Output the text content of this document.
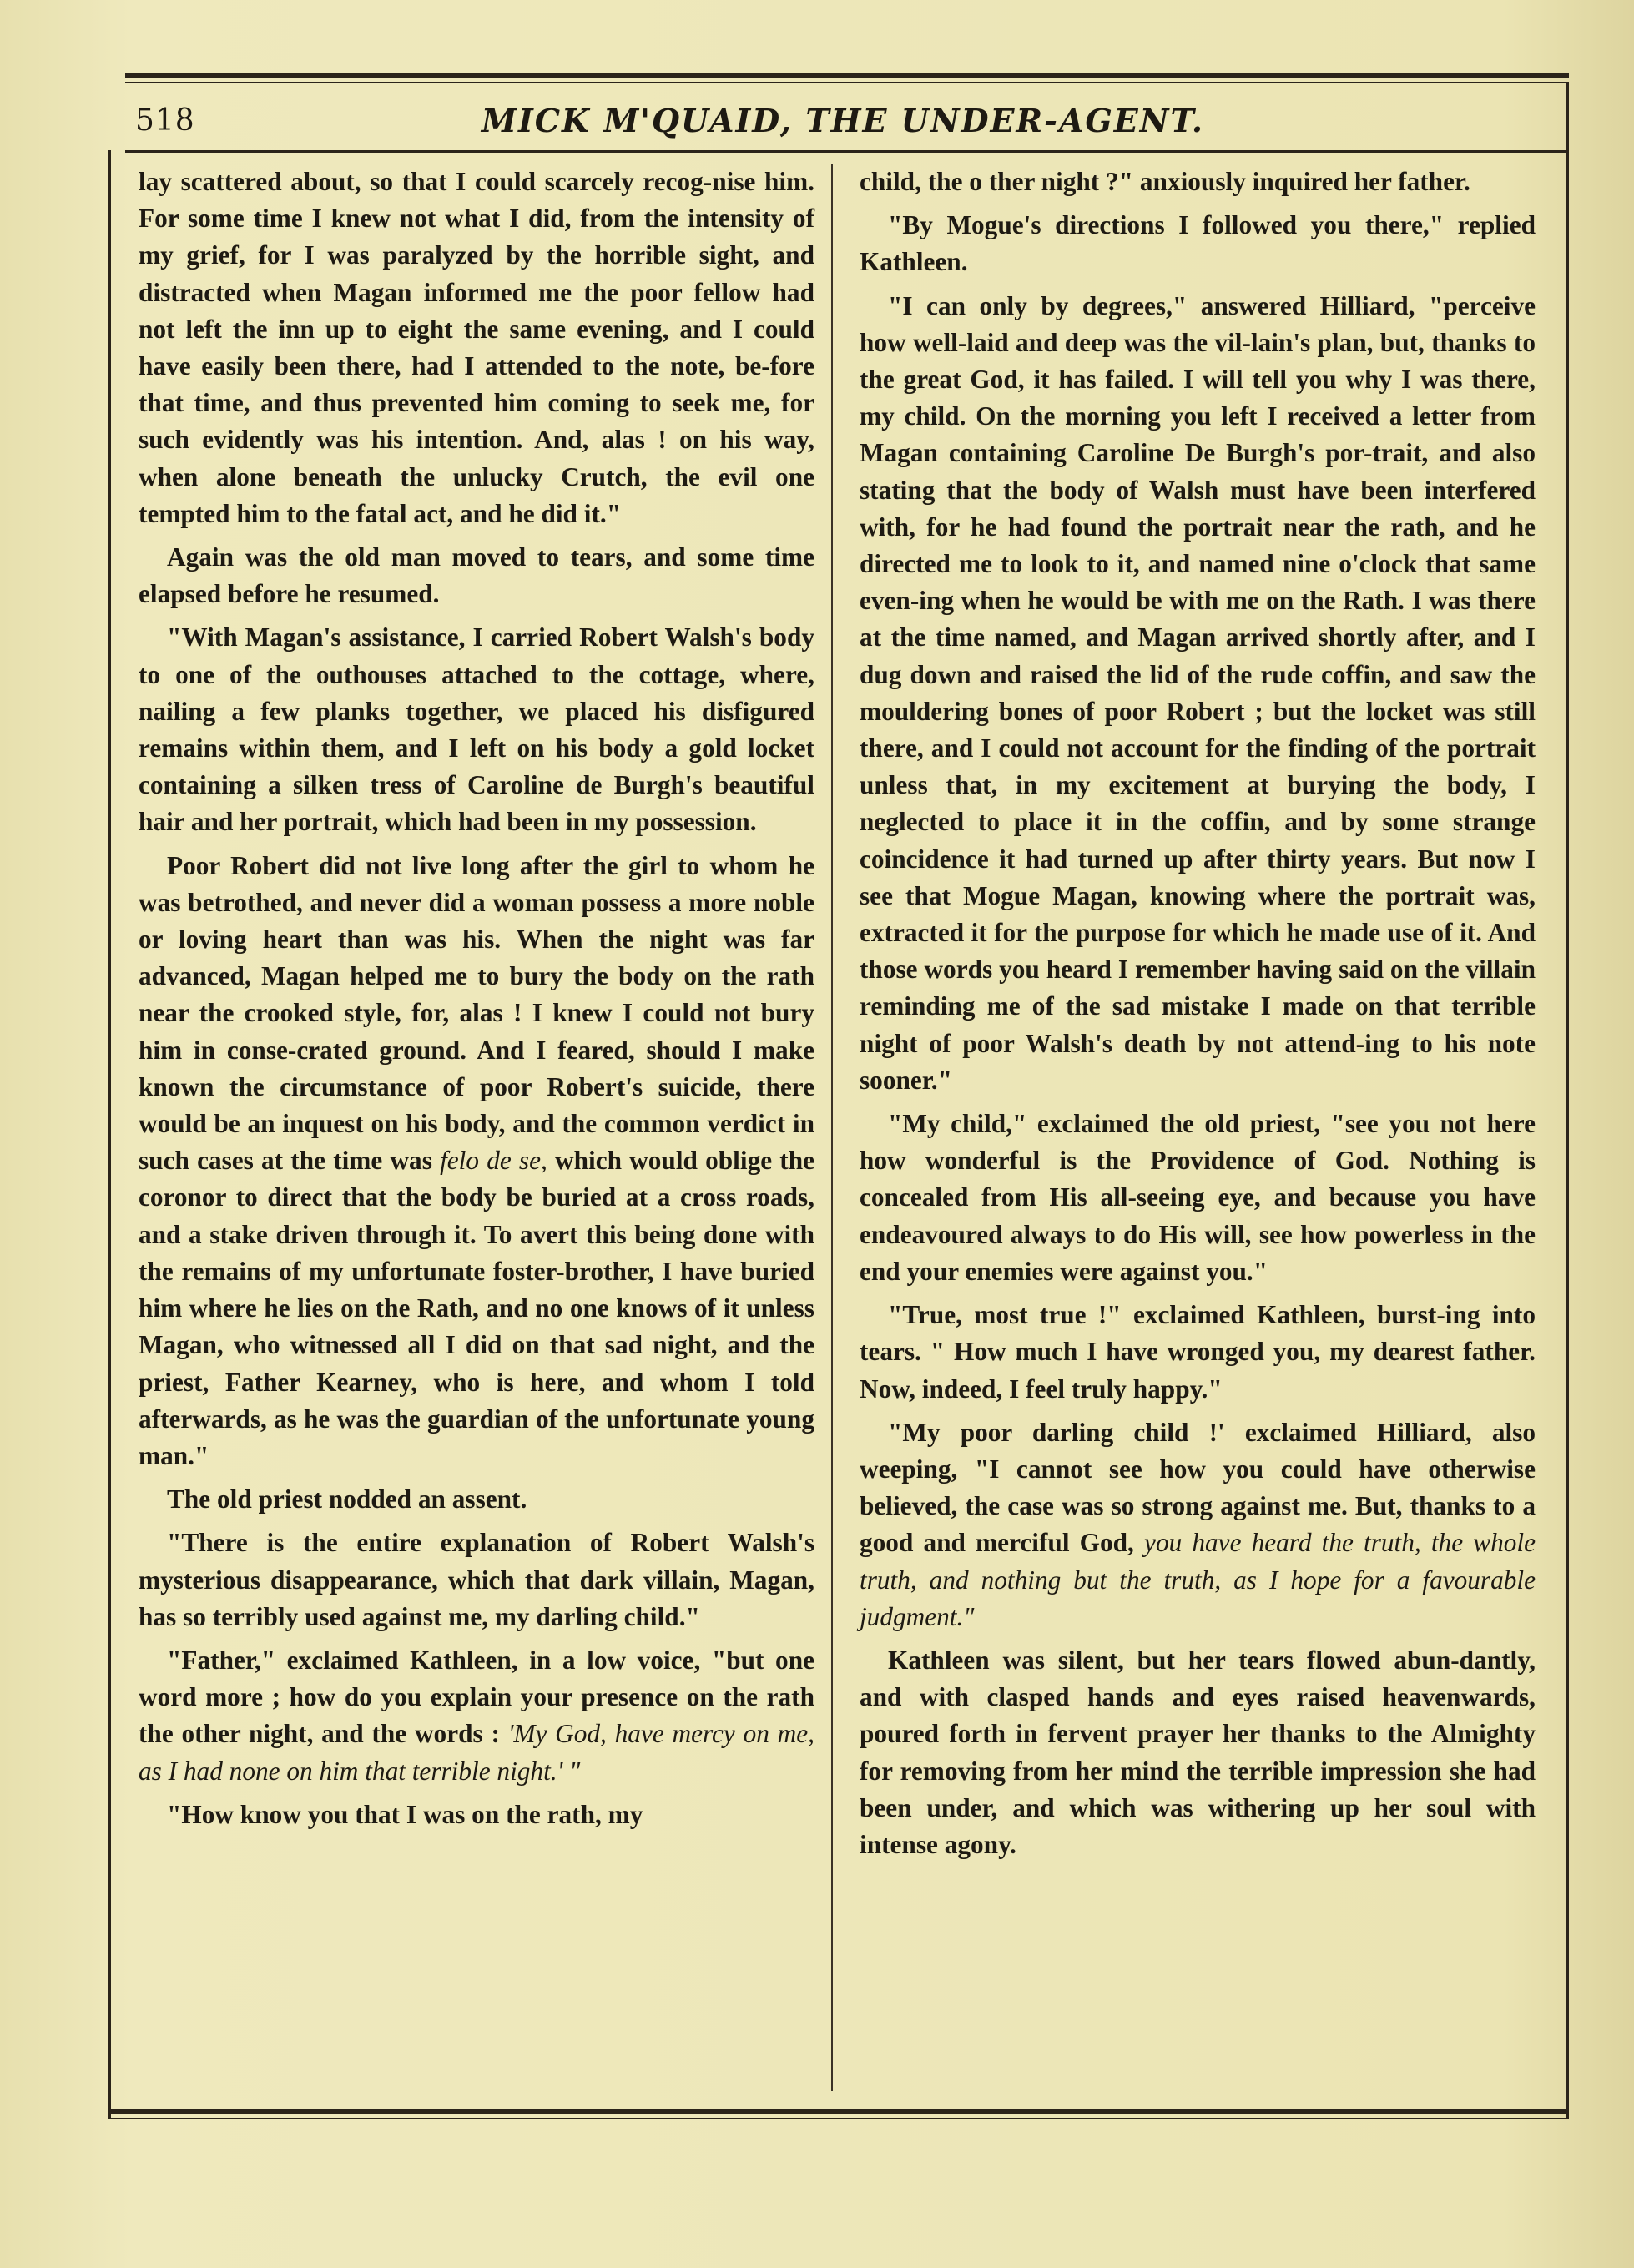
518	MICK M'QUAID, THE UNDER-AGENT.

lay scattered about, so that I could scarcely recog-nise him. For some time I knew not what I did, from the intensity of my grief, for I was paralyzed by the horrible sight, and distracted when Magan informed me the poor fellow had not left the inn up to eight the same evening, and I could have easily been there, had I attended to the note, be-fore that time, and thus prevented him coming to seek me, for such evidently was his intention. And, alas ! on his way, when alone beneath the unlucky Crutch, the evil one tempted him to the fatal act, and he did it."

Again was the old man moved to tears, and some time elapsed before he resumed.

"With Magan's assistance, I carried Robert Walsh's body to one of the outhouses attached to the cottage, where, nailing a few planks together, we placed his disfigured remains within them, and I left on his body a gold locket containing a silken tress of Caroline de Burgh's beautiful hair and her portrait, which had been in my possession.

Poor Robert did not live long after the girl to whom he was betrothed, and never did a woman possess a more noble or loving heart than was his. When the night was far advanced, Magan helped me to bury the body on the rath near the crooked style, for, alas ! I knew I could not bury him in conse-crated ground. And I feared, should I make known the circumstance of poor Robert's suicide, there would be an inquest on his body, and the common verdict in such cases at the time was felo de se, which would oblige the coronor to direct that the body be buried at a cross roads, and a stake driven through it. To avert this being done with the remains of my unfortunate foster-brother, I have buried him where he lies on the Rath, and no one knows of it unless Magan, who witnessed all I did on that sad night, and the priest, Father Kearney, who is here, and whom I told afterwards, as he was the guardian of the unfortunate young man."

The old priest nodded an assent.

"There is the entire explanation of Robert Walsh's mysterious disappearance, which that dark villain, Magan, has so terribly used against me, my darling child."

"Father," exclaimed Kathleen, in a low voice, "but one word more ; how do you explain your presence on the rath the other night, and the words : 'My God, have mercy on me, as I had none on him that terrible night.' "

"How know you that I was on the rath, my

child, the o ther night ?" anxiously inquired her father.

"By Mogue's directions I followed you there," replied Kathleen.

"I can only by degrees," answered Hilliard, "perceive how well-laid and deep was the vil-lain's plan, but, thanks to the great God, it has failed. I will tell you why I was there, my child. On the morning you left I received a letter from Magan containing Caroline De Burgh's por-trait, and also stating that the body of Walsh must have been interfered with, for he had found the portrait near the rath, and he directed me to look to it, and named nine o'clock that same even-ing when he would be with me on the Rath. I was there at the time named, and Magan arrived shortly after, and I dug down and raised the lid of the rude coffin, and saw the mouldering bones of poor Robert ; but the locket was still there, and I could not account for the finding of the portrait unless that, in my excitement at burying the body, I neglected to place it in the coffin, and by some strange coincidence it had turned up after thirty years. But now I see that Mogue Magan, knowing where the portrait was, extracted it for the purpose for which he made use of it. And those words you heard I remember having said on the villain reminding me of the sad mistake I made on that terrible night of poor Walsh's death by not attend-ing to his note sooner."

"My child," exclaimed the old priest, "see you not here how wonderful is the Providence of God. Nothing is concealed from His all-seeing eye, and because you have endeavoured always to do His will, see how powerless in the end your enemies were against you."

"True, most true !" exclaimed Kathleen, burst-ing into tears. " How much I have wronged you, my dearest father. Now, indeed, I feel truly happy."

"My poor darling child !' exclaimed Hilliard, also weeping, "I cannot see how you could have otherwise believed, the case was so strong against me. But, thanks to a good and merciful God, you have heard the truth, the whole truth, and nothing but the truth, as I hope for a favourable judgment."

Kathleen was silent, but her tears flowed abun-dantly, and with clasped hands and eyes raised heavenwards, poured forth in fervent prayer her thanks to the Almighty for removing from her mind the terrible impression she had been under, and which was withering up her soul with intense agony.
